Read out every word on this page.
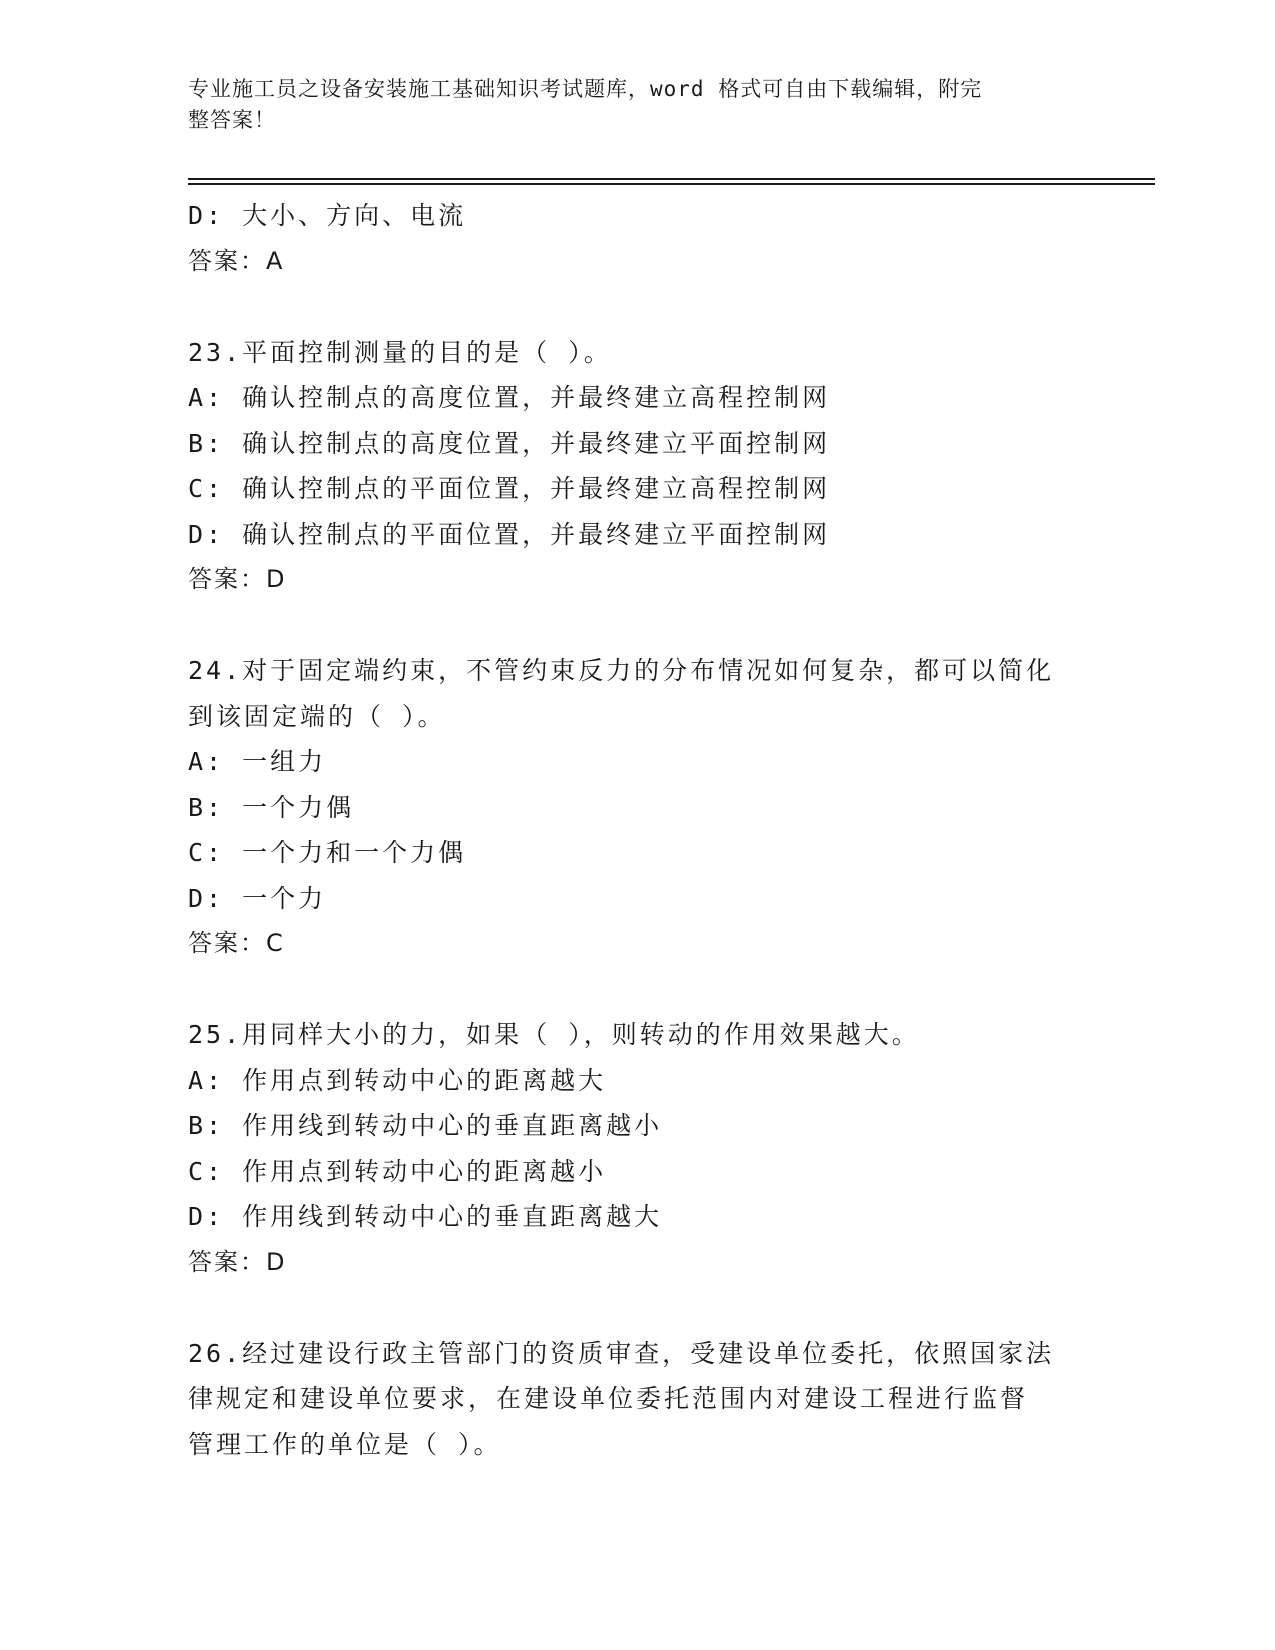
专业施工员之设备安装施工基础知识考试题库，word 格式可自由下载编辑，附完
整答案！
D: 大小、方向、电流
答案：A
23.平面控制测量的目的是（ ）。
A: 确认控制点的高度位置，并最终建立高程控制网
B: 确认控制点的高度位置，并最终建立平面控制网
C: 确认控制点的平面位置，并最终建立高程控制网
D: 确认控制点的平面位置，并最终建立平面控制网
答案：D
24.对于固定端约束，不管约束反力的分布情况如何复杂，都可以简化
到该固定端的（ ）。
A: 一组力
B: 一个力偶
C: 一个力和一个力偶
D: 一个力
答案：C
25.用同样大小的力，如果（ ），则转动的作用效果越大。
A: 作用点到转动中心的距离越大
B: 作用线到转动中心的垂直距离越小
C: 作用点到转动中心的距离越小
D: 作用线到转动中心的垂直距离越大
答案：D
26.经过建设行政主管部门的资质审查，受建设单位委托，依照国家法
律规定和建设单位要求，在建设单位委托范围内对建设工程进行监督
管理工作的单位是（ ）。
